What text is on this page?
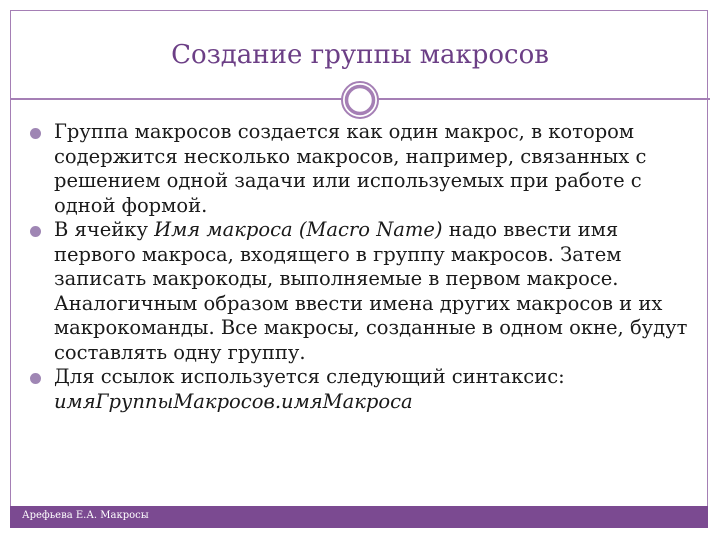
Создание группы макросов
Группа макросов создается как один макрос, в котором содержится несколько макросов, например, связанных с решением одной задачи или используемых при работе с одной формой.
В ячейку Имя макроса (Macro Name) надо ввести имя первого макроса, входящего в группу макросов. Затем записать макрокоды, выполняемые в первом макросе. Аналогичным образом ввести имена других макросов и их макрокоманды. Все макросы, созданные в одном окне, будут составлять одну группу.
Для ссылок используется следующий синтаксис:
имяГруппыМакросов.имяМакроса
Арефьева Е.А. Макросы
